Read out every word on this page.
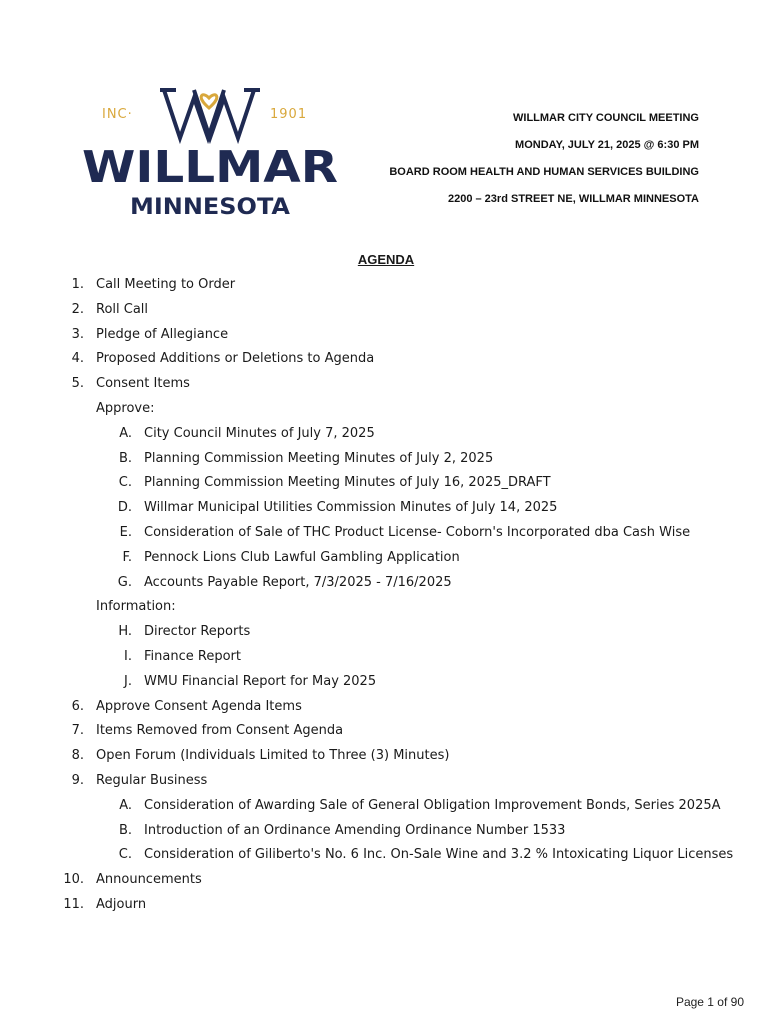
INC·	1901
WILLMAR
MINNESOTA
WILLMAR CITY COUNCIL MEETING
MONDAY, JULY 21, 2025 @ 6:30 PM
BOARD ROOM HEALTH AND HUMAN SERVICES BUILDING
2200 – 23rd STREET NE, WILLMAR MINNESOTA
AGENDA
1. Call Meeting to Order
2. Roll Call
3. Pledge of Allegiance
4. Proposed Additions or Deletions to Agenda
5. Consent Items
Approve:
A. City Council Minutes of July 7, 2025
B. Planning Commission Meeting Minutes of July 2, 2025
C. Planning Commission Meeting Minutes of July 16, 2025_DRAFT
D. Willmar Municipal Utilities Commission Minutes of July 14, 2025
E. Consideration of Sale of THC Product License- Coborn's Incorporated dba Cash Wise
F. Pennock Lions Club Lawful Gambling Application
G. Accounts Payable Report, 7/3/2025 - 7/16/2025
Information:
H. Director Reports
I. Finance Report
J. WMU Financial Report for May 2025
6. Approve Consent Agenda Items
7. Items Removed from Consent Agenda
8. Open Forum (Individuals Limited to Three (3) Minutes)
9. Regular Business
A. Consideration of Awarding Sale of General Obligation Improvement Bonds, Series 2025A
B. Introduction of an Ordinance Amending Ordinance Number 1533
C. Consideration of Giliberto's No. 6 Inc. On-Sale Wine and 3.2 % Intoxicating Liquor Licenses
10. Announcements
11. Adjourn
Page 1 of 90
